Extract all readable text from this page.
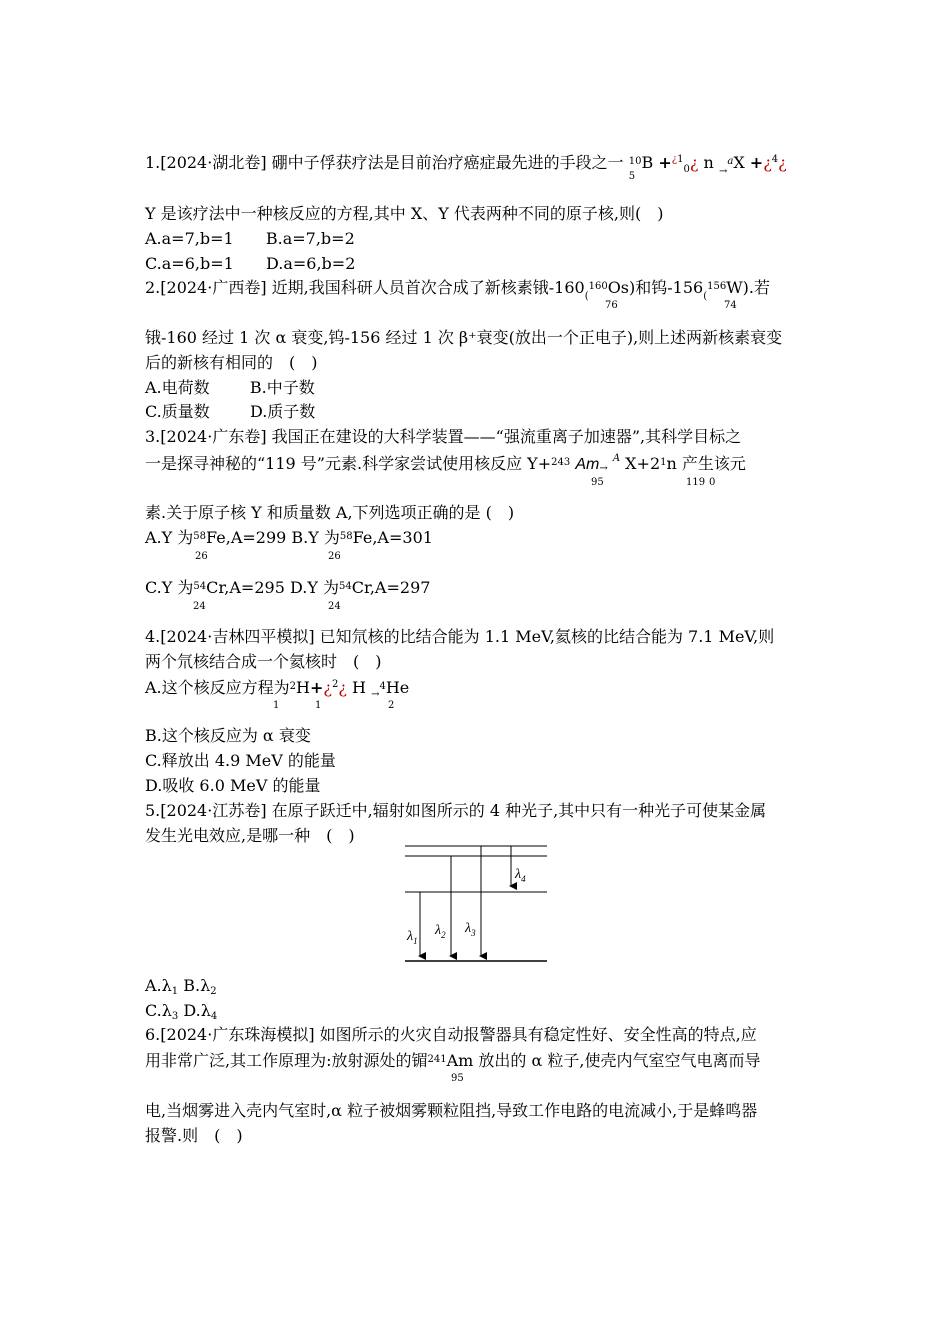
1.[2024·湖北卷] 硼中子俘获疗法是目前治疗癌症最先进的手段之一 $^{10}$B
5
+$^{¿1}_0$¿ n $_\to^a$X +¿$^4$¿
Y 是该疗法中一种核反应的方程,其中 X、Y 代表两种不同的原子核,则(　)
A.a=7,b=1 B.a=7,b=2
C.a=6,b=1 D.a=6,b=2
2.[2024·广西卷] 近期,我国科研人员首次合成了新核素锇$-160_(^{160}Os$)和钨$-156_(^{156}W$).若
76	74
锇-160 经过 1 次 α 衰变,钨-156 经过 1 次 β⁺衰变(放出一个正电子),则上述两新核素衰变
后的新核有相同的　(　)
A.电荷数	B.中子数
C.质量数	D.质子数
3.[2024·广东卷] 我国正在建设的大科学装置——“强流重离子加速器”,其科学目标之
一是探寻神秘的“119 号”元素.科学家尝试使用核反应 Y+$^{243}$ Am→ $^A$ $X+2^1n$ 产生该元
95	119 0
素.关于原子核 Y 和质量数 A,下列选项正确的是 (　)
A.Y 为$^{58}$Fe,A=299 B.Y 为$^{58}$Fe,A=301
26	26
C.Y 为$^{54}$Cr,A=295 D.Y 为$^{54}$Cr,A=297
24	24
4.[2024·吉林四平模拟] 已知氘核的比结合能为 1.1 MeV,氦核的比结合能为 7.1 MeV,则
两个氘核结合成一个氦核时　(　)
A.这个核反应方程为$^2$H+¿$^2$¿ H $_\to^4$He
1	1	2
B.这个核反应为 α 衰变
C.释放出 4.9 MeV 的能量
D.吸收 6.0 MeV 的能量
5.[2024·江苏卷] 在原子跃迁中,辐射如图所示的 4 种光子,其中只有一种光子可使某金属
发生光电效应,是哪一种　(　)
$\lambda_1$
$\lambda_2$ $\lambda_3$
$\lambda_4$
A.λ1 B.λ2
C.λ3 D.λ4
6.[2024·广东珠海模拟] 如图所示的火灾自动报警器具有稳定性好、安全性高的特点,应
用非常广泛,其工作原理为:放射源处的镅$^{241}$Am 放出的 α 粒子,使壳内气室空气电离而导
95
电,当烟雾进入壳内气室时,α 粒子被烟雾颗粒阻挡,导致工作电路的电流减小,于是蜂鸣器
报警.则　(　)
